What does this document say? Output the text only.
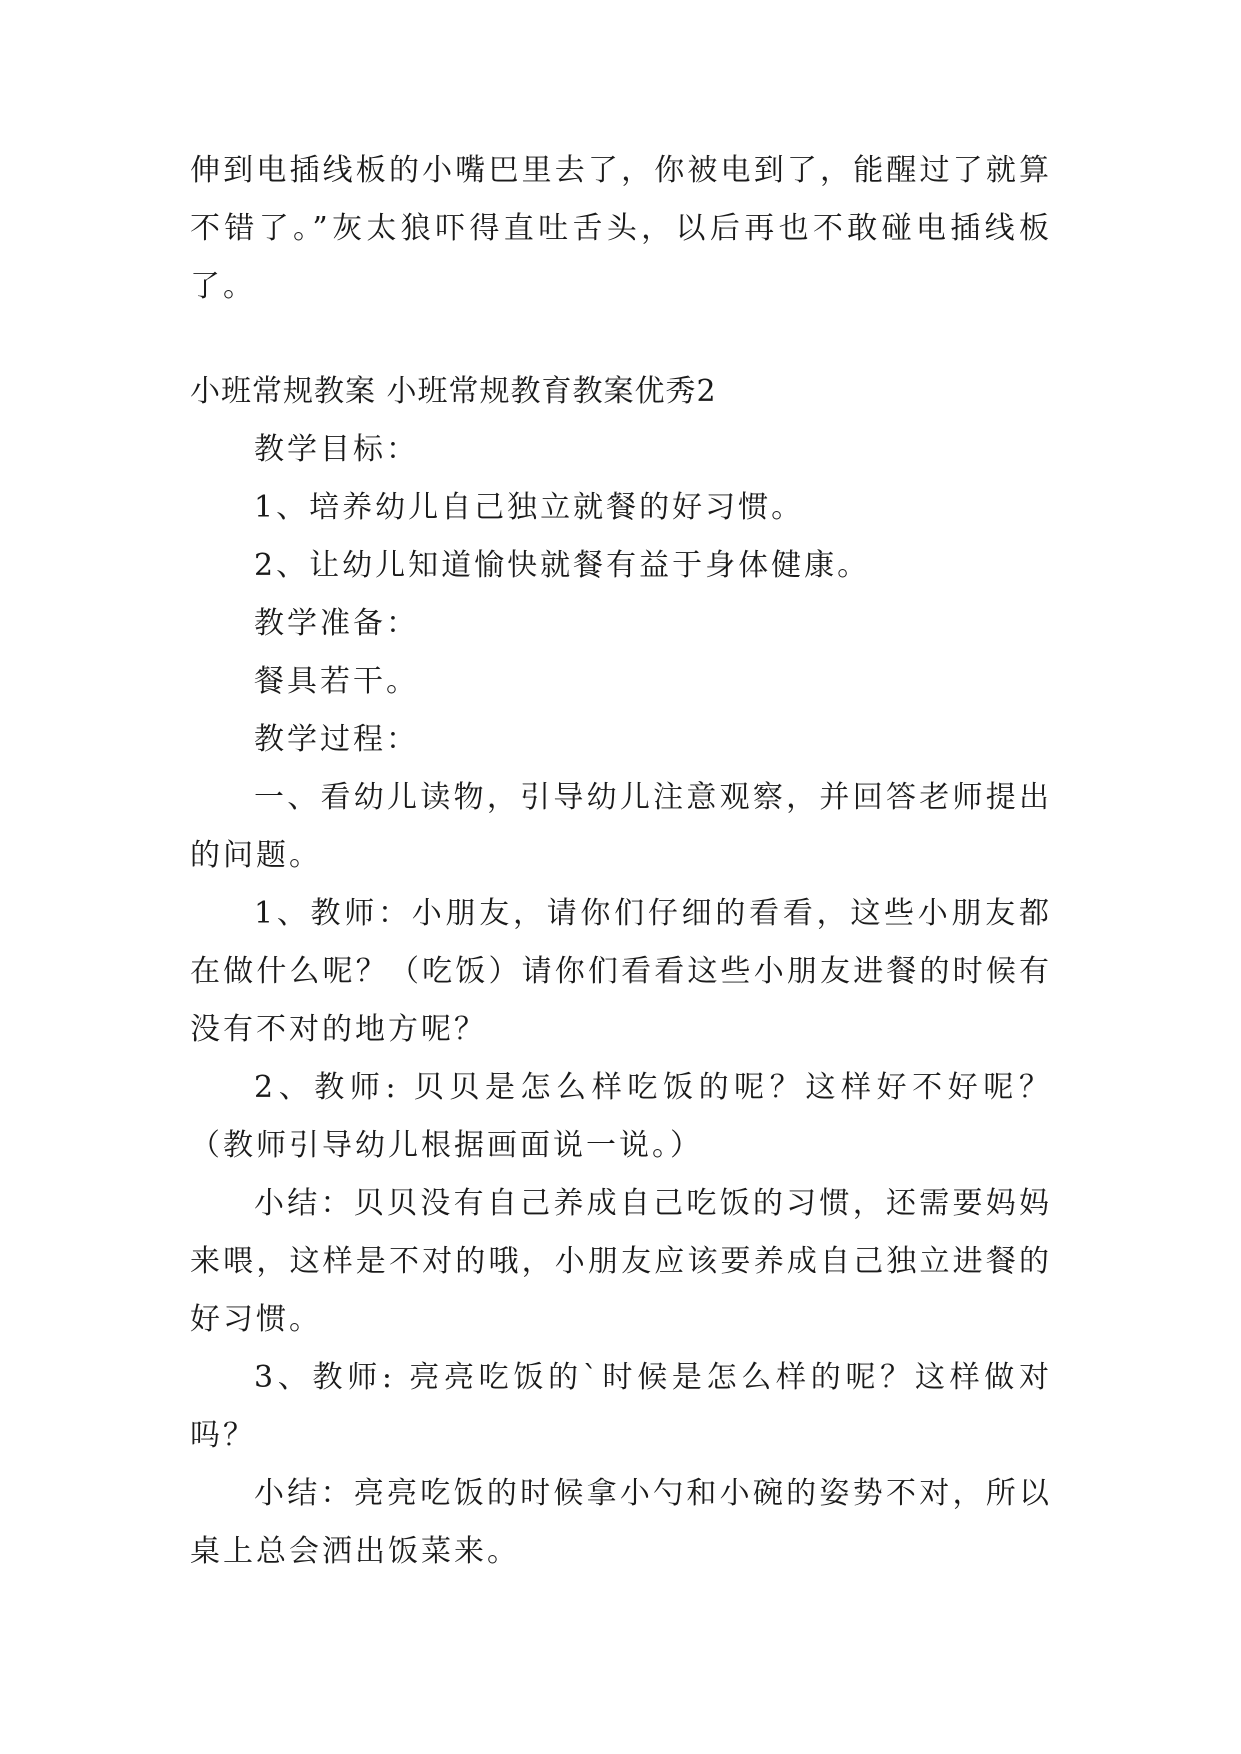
伸到电插线板的小嘴巴里去了，你被电到了，能醒过了就算不错了。”灰太狼吓得直吐舌头，以后再也不敢碰电插线板了。

小班常规教案 小班常规教育教案优秀2

教学目标：

1、培养幼儿自己独立就餐的好习惯。

2、让幼儿知道愉快就餐有益于身体健康。

教学准备：

餐具若干。

教学过程：

一、看幼儿读物，引导幼儿注意观察，并回答老师提出的问题。

1、教师：小朋友，请你们仔细的看看，这些小朋友都在做什么呢？（吃饭）请你们看看这些小朋友进餐的时候有没有不对的地方呢？

2、教师: 贝贝是怎么样吃饭的呢？这样好不好呢？（教师引导幼儿根据画面说一说。）

小结：贝贝没有自己养成自己吃饭的习惯，还需要妈妈来喂，这样是不对的哦，小朋友应该要养成自己独立进餐的好习惯。

3、教师: 亮亮吃饭的`时候是怎么样的呢？这样做对吗？

小结：亮亮吃饭的时候拿小勺和小碗的姿势不对，所以桌上总会洒出饭菜来。
